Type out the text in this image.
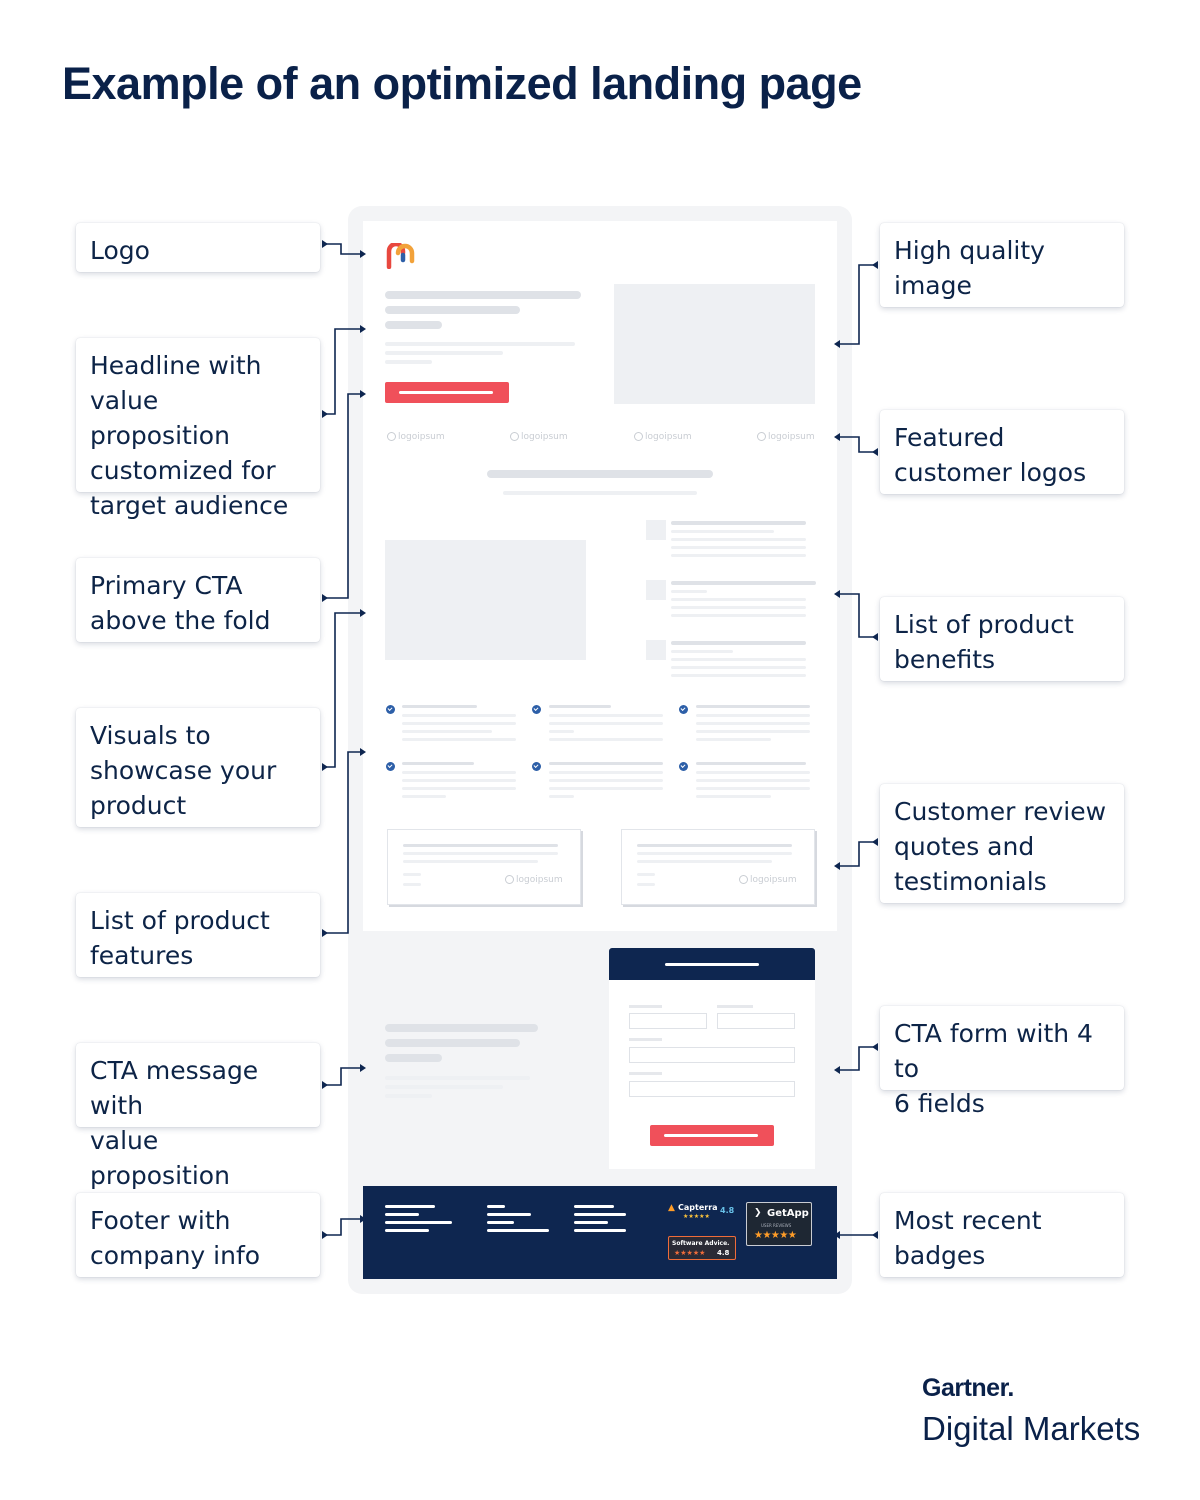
Example of an optimized landing page
Logo
Headline with
value proposition
customized for
target audience
Primary CTA
above the fold
Visuals to
showcase your
product
List of product
features
CTA message with
value proposition
Footer with
company info
High quality
image
Featured
customer logos
List of product
benefits
Customer review
quotes and
testimonials
CTA form with 4 to
6 fields
Most recent
badges
logoipsum	logoipsum	logoipsum	logoipsum
logoipsum	logoipsum
▲ Capterra 4.8
★★★★★	❯ GetApp
USER REVIEWS
★★★★★
Software Advice.
★★★★★ 4.8
Gartner.
Digital Markets
